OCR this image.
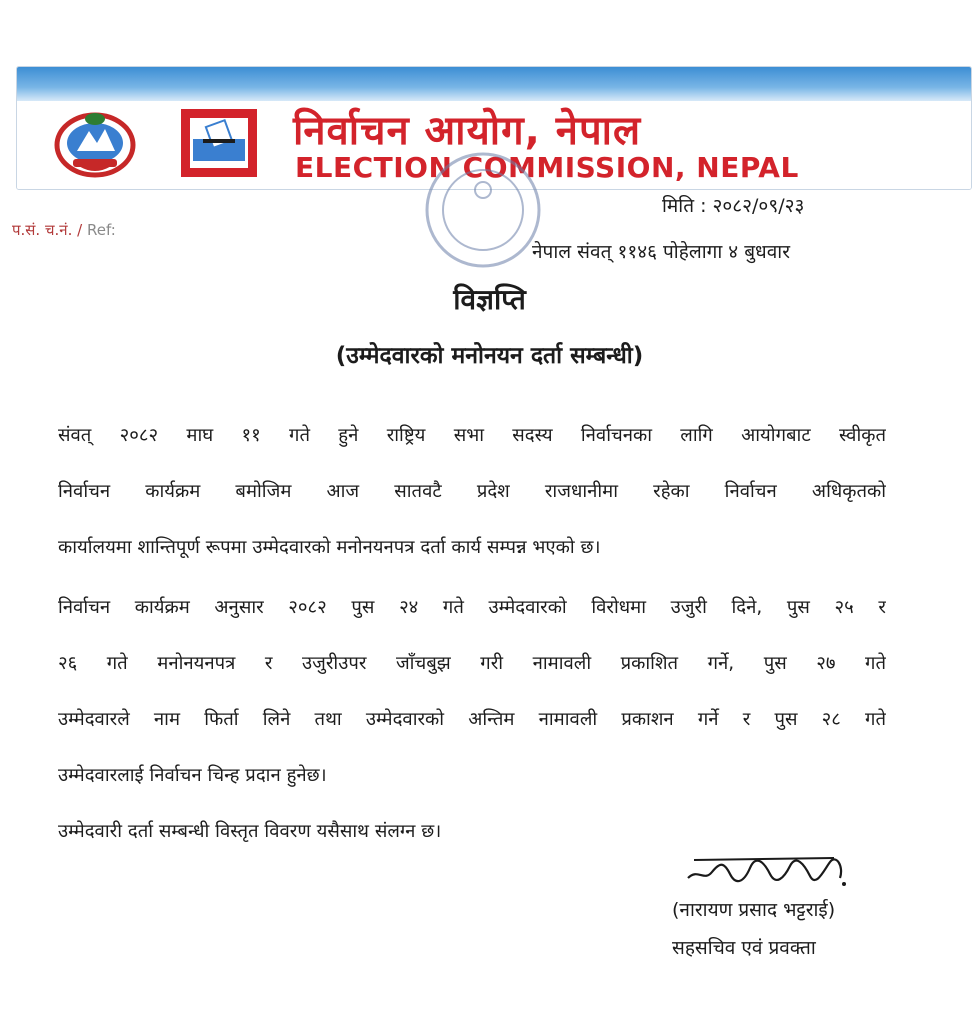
निर्वाचन आयोग, नेपाल
ELECTION COMMISSION, NEPAL
मिति : २०८२/०९/२३
प.सं. च.नं. / Ref:
नेपाल संवत् ११४६ पोहेलागा ४ बुधवार
विज्ञप्ति
(उम्मेदवारको मनोनयन दर्ता सम्बन्धी)
संवत् २०८२ माघ ११ गते हुने राष्ट्रिय सभा सदस्य निर्वाचनका लागि आयोगबाट स्वीकृत
निर्वाचन कार्यक्रम बमोजिम आज सातवटै प्रदेश राजधानीमा रहेका निर्वाचन अधिकृतको
कार्यालयमा शान्तिपूर्ण रूपमा उम्मेदवारको मनोनयनपत्र दर्ता कार्य सम्पन्न भएको छ।
निर्वाचन कार्यक्रम अनुसार २०८२ पुस २४ गते उम्मेदवारको विरोधमा उजुरी दिने, पुस २५ र
२६ गते मनोनयनपत्र र उजुरीउपर जाँचबुझ गरी नामावली प्रकाशित गर्ने, पुस २७ गते
उम्मेदवारले नाम फिर्ता लिने तथा उम्मेदवारको अन्तिम नामावली प्रकाशन गर्ने र पुस २८ गते
उम्मेदवारलाई निर्वाचन चिन्ह प्रदान हुनेछ।
उम्मेदवारी दर्ता सम्बन्धी विस्तृत विवरण यसैसाथ संलग्न छ।
(नारायण प्रसाद भट्टराई)
सहसचिव एवं प्रवक्ता
